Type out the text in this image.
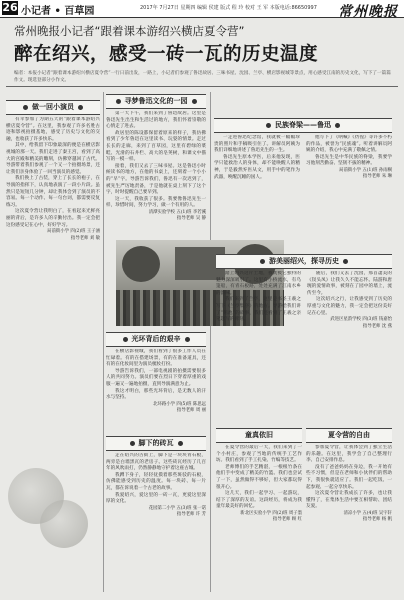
26 小记者 • 百草园	2017年 7月27日 星期四 编辑 侯建 版式 程 玲 校对 王 军 本版电话:86650997 常州晚报
常州晚报小记者“跟着课本游绍兴横店夏令营”
醉在绍兴，感受一砖一瓦的历史温度
编者：本报小记者“跟着课本游绍兴横店夏令营”一行日前出发，一路上，小记者们参观了鲁迅故居、三味书屋、沈园、兰亭、横店影视城等景点，用心感受江南的历史文化，写下了一篇篇作文。现选登部分小作文。
做一回小演员

有幸参加了为期五天的“跟着课本游绍兴横店夏令营”。在这里，我参观了许多名胜古迹和影视拍摄基地，感受了历史与文化的交融，也收获了许多快乐。

其中，给我留下印象最深的便是在横店影视城的那一天。我们走进了秦王宫，看到了高大的宫殿和精美的雕刻，仿佛穿越回了古代。导游带着我们参观了一个又一个拍摄场景，还让我们亲身体验了一回当演员的感觉。

我们换上了古装，穿上了长长的袍子，在导演的指挥下，认真地表演了一段小片段。虽然只是短短几分钟，却让我体会到了演员的不容易。每一个动作、每一句台词，都需要反复练习。

这次夏令营让我明白了，在看起来光鲜亮丽的背后，是许多人的辛勤付出。我一定会把这份感受记在心中，好好学习。

局前街小学 四(2)班 王子涵
指导老师 刘 敏
寻梦鲁迅文化的一园

第一天下午，我们来到了鲁迅故居。这里是鲁迅先生出生和生活过的地方，我们怀着崇敬的心情走了进去。

故居里的陈设都保留着原来的样子，我仿佛看到了少年鲁迅在这里读书、玩耍的情景。走过长长的走廊，来到了百草园，这里有碧绿的菜畦、光滑的石井栏、高大的皂荚树，和课文中描写的一模一样。

接着，我们又去了三味书屋。这是鲁迅小时候读书的地方，在他的书桌上，还刻着一个小小的“早”字。导游告诉我们，鲁迅有一次迟到了，被先生严厉地责备，于是他就在桌上刻下了这个字，时时提醒自己要早到。

这一天，我收获了很多。我要像鲁迅先生一样，珍惜时间，努力学习，做一个有用的人。

清潭实验学校 五(1)班 李若溪
指导老师 吴 静
光环背后的艰辛

在横店影视城，我们看到了很多工作人员在忙碌着。有的在搭建场景，有的在准备道具，还有的在化妆间里为演员梳妆打扮。

导游告诉我们，一部电视剧的拍摄需要很多人的共同努力。演员们要在烈日下穿着厚重的戏服一遍又一遍地拍摄，直到导演满意为止。

我这才明白，那些光环背后，是无数人的汗水与坚持。

北环路小学 四(5)班 陈思远
指导老师 周 丽
脚下的砖瓦

走在绍兴的古街上，脚下是一块块青石板，两旁是白墙黑瓦的老房子。这些砖瓦经历了几百年的风吹雨打，仍然静静地守护着这座古城。

我蹲下身子，轻轻抚摸着那些斑驳的石板，仿佛能感受到历史的温度。每一块砖、每一片瓦，都在诉说着一个古老的故事。

我爱绍兴，爱这里的一砖一瓦，更爱这里深厚的文化。

花园第二小学 五(3)班 张一诺
指导老师 许 芳
民族脊梁——鲁迅

一走进鲁迅纪念馆，我就被一幅幅珍贵的照片和手稿吸引住了。讲解员阿姨为我们详细地讲述了鲁迅先生的一生。

鲁迅先生原本学医，后来他发现，医学只能救治人的身体，却不能唤醒人的精神，于是毅然弃医从文，用手中的笔作为武器，唤醒沉睡的国人。

他写下了《呐喊》《彷徨》等许多不朽的作品，被誉为“民族魂”。听着讲解员阿姨的介绍，我心中充满了敬佩之情。

鲁迅先生是中华民族的脊梁，我要学习他刻苦勤奋、坚韧不拔的精神。

局前街小学 五(1)班 孙雨桐
指导老师 朱 琳
游美丽绍兴，探寻历史

踏上绍兴这片土地，我就被它独特的魅力深深吸引了。这里有小桥流水，有乌篷船，有青石板路，处处充满了江南水乡的韵味。

我们来到了兰亭，这里是书圣王羲之写下《兰亭集序》的地方。导游给我们讲了“鹅池”的故事，我们还看到了王羲之亲笔题写的碑刻。

随后，我们又去了沈园，那首凄美的《钗头凤》让我久久不能忘怀。陆游和唐琬的爱情故事，被刻在了园中的墙上，流传至今。

这次绍兴之行，让我感受到了历史的厚重与文化的魅力，我一定会把这份美好记在心里。

武进区星韵学校 四(3)班 钱嘉怡
指导老师 沈 燕
童真依旧

在夏令营的最后一天，我们来到了一个小村庄，参观了当地的传统手工艺作坊。我们看到了手工扎染、竹编等技艺。

老师傅们的手艺精湛，一根根竹条在他们手中变成了精美的竹篮。我们也尝试了一下，虽然做得不够好，但大家都玩得很开心。

这几天，我们一起学习、一起游玩，结下了深厚的友谊。这段经历，将成为我童年最美好的回忆。

新北区实验小学 四(2)班 周子墨
指导老师 顾 红
夏令营的自由

参加夏令营，让我体会到了独立生活的乐趣。在这里，我学会了自己整理行李、自己安排作息。

没有了爸爸妈妈在身边，我一开始有些不习惯，但是在老师和小伙伴们的帮助下，我很快就适应了。我们一起吃饭、一起参观、一起分享快乐。

这次夏令营让我成长了许多，也让我懂得了，在集体生活中要互相帮助、团结友爱。

清凉小学 五(4)班 吴宇轩
指导老师 杨 帆
